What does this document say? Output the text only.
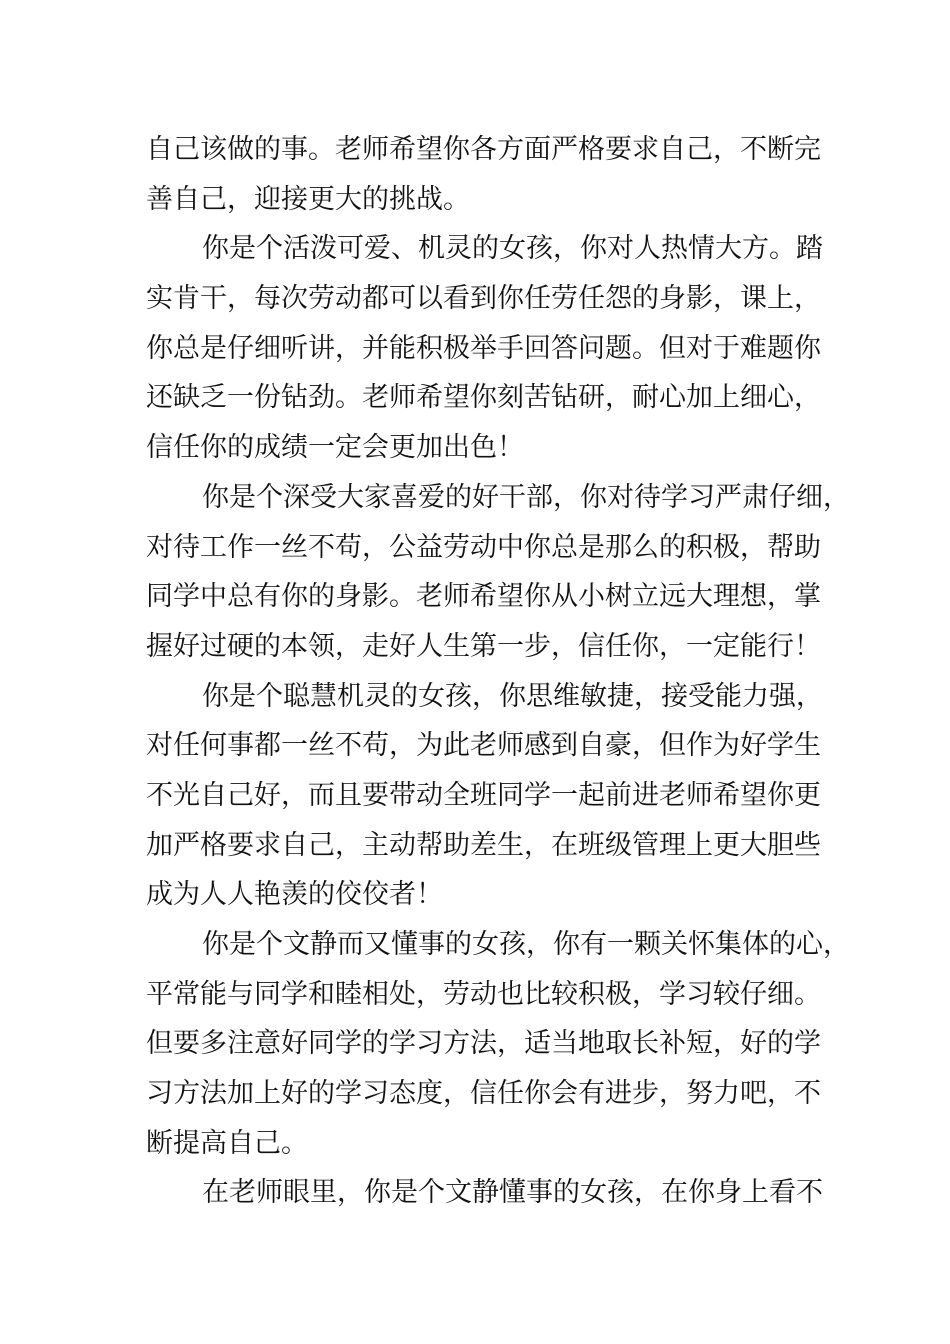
自己该做的事。老师希望你各方面严格要求自己，不断完
善自己，迎接更大的挑战。
你是个活泼可爱、机灵的女孩，你对人热情大方。踏
实肯干，每次劳动都可以看到你任劳任怨的身影，课上，
你总是仔细听讲，并能积极举手回答问题。但对于难题你
还缺乏一份钻劲。老师希望你刻苦钻研，耐心加上细心，
信任你的成绩一定会更加出色！
你是个深受大家喜爱的好干部，你对待学习严肃仔细，
对待工作一丝不苟，公益劳动中你总是那么的积极，帮助
同学中总有你的身影。老师希望你从小树立远大理想，掌
握好过硬的本领，走好人生第一步，信任你，一定能行！
你是个聪慧机灵的女孩，你思维敏捷，接受能力强，
对任何事都一丝不苟，为此老师感到自豪，但作为好学生
不光自己好，而且要带动全班同学一起前进老师希望你更
加严格要求自己，主动帮助差生，在班级管理上更大胆些
成为人人艳羡的佼佼者！
你是个文静而又懂事的女孩，你有一颗关怀集体的心，
平常能与同学和睦相处，劳动也比较积极，学习较仔细。
但要多注意好同学的学习方法，适当地取长补短，好的学
习方法加上好的学习态度，信任你会有进步，努力吧，不
断提高自己。
在老师眼里，你是个文静懂事的女孩，在你身上看不
